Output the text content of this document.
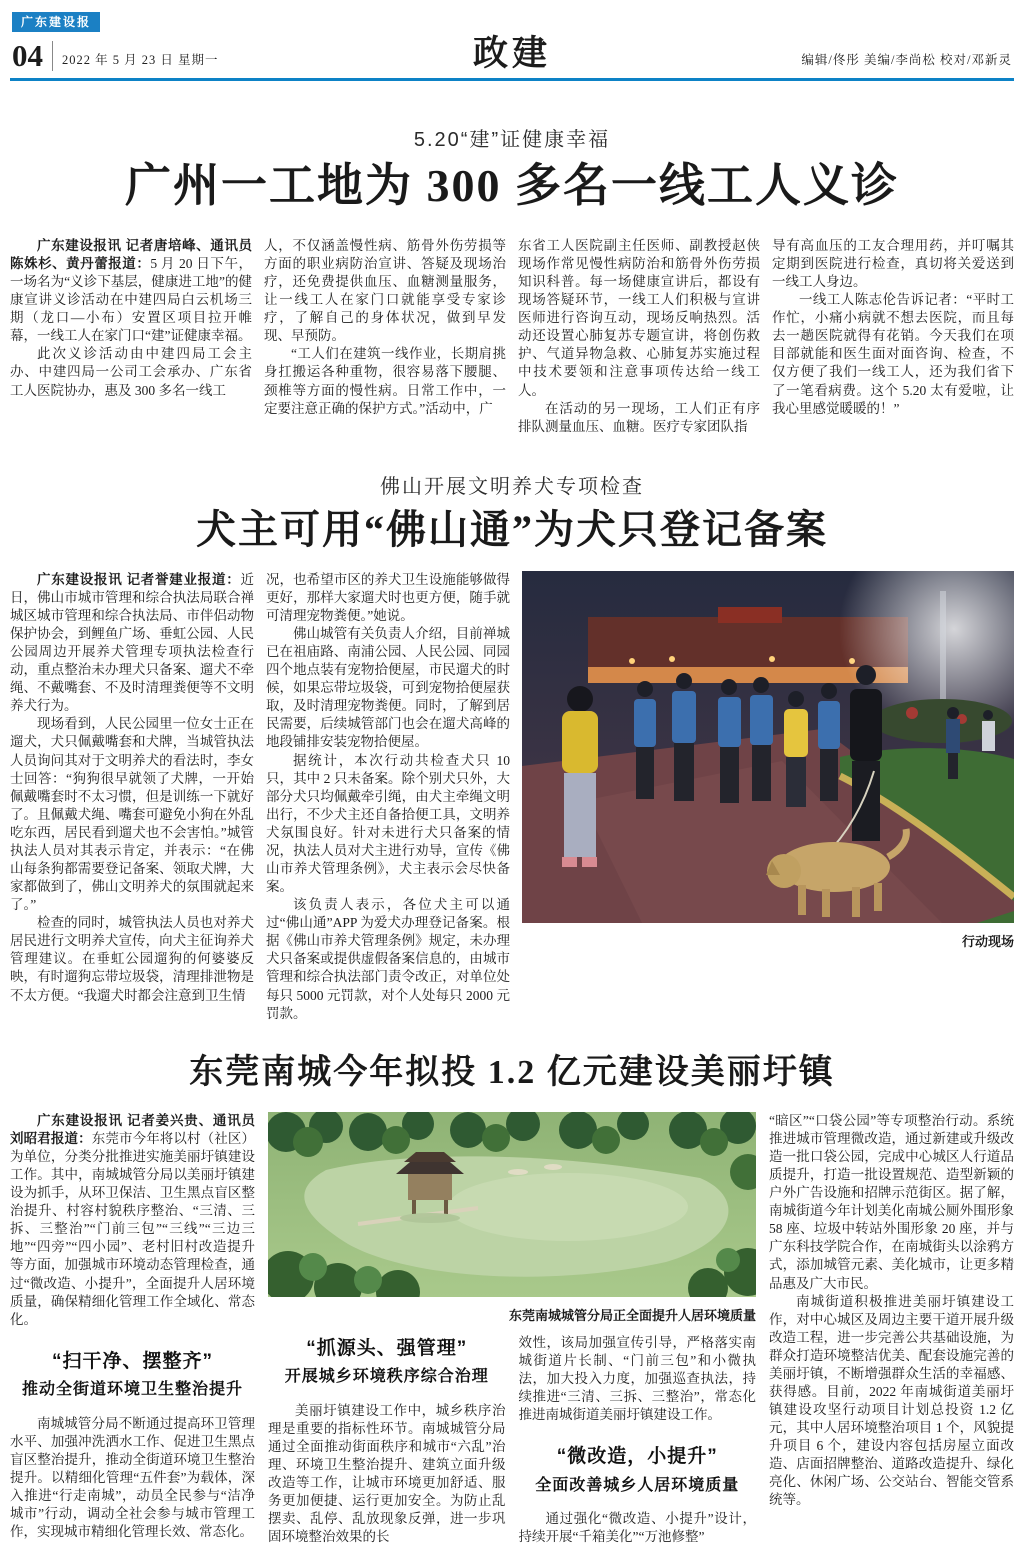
广东建设报
04 2022 年 5 月 23 日 星期一	政建	编辑/佟彤 美编/李尚松 校对/邓新灵
5.20“建”证健康幸福
广州一工地为 300 多名一线工人义诊

广东建设报讯 记者唐培峰、通讯员陈姝杉、黄丹蕾报道：5 月 20 日下午，一场名为“义诊下基层，健康进工地”的健康宣讲义诊活动在中建四局白云机场三期（龙口—小布）安置区项目拉开帷幕，一线工人在家门口“建”证健康幸福。

此次义诊活动由中建四局工会主办、中建四局一公司工会承办、广东省工人医院协办，惠及 300 多名一线工

人，不仅涵盖慢性病、筋骨外伤劳损等方面的职业病防治宣讲、答疑及现场治疗，还免费提供血压、血糖测量服务，让一线工人在家门口就能享受专家诊疗，了解自己的身体状况，做到早发现、早预防。

“工人们在建筑一线作业，长期肩挑身扛搬运各种重物，很容易落下腰腿、颈椎等方面的慢性病。日常工作中，一定要注意正确的保护方式。”活动中，广

东省工人医院副主任医师、副教授赵侠现场作常见慢性病防治和筋骨外伤劳损知识科普。每一场健康宣讲后，都设有现场答疑环节，一线工人们积极与宣讲医师进行咨询互动，现场反响热烈。活动还设置心肺复苏专题宣讲，将创伤救护、气道异物急救、心肺复苏实施过程中技术要领和注意事项传达给一线工人。

在活动的另一现场，工人们正有序排队测量血压、血糖。医疗专家团队指

导有高血压的工友合理用药，并叮嘱其定期到医院进行检查，真切将关爱送到一线工人身边。

一线工人陈志伦告诉记者：“平时工作忙，小痛小病就不想去医院，而且每去一趟医院就得有花销。今天我们在项目部就能和医生面对面咨询、检查，不仅方便了我们一线工人，还为我们省下了一笔看病费。这个 5.20 太有爱啦，让我心里感觉暖暖的！”

佛山开展文明养犬专项检查
犬主可用“佛山通”为犬只登记备案

广东建设报讯 记者誉建业报道：近日，佛山市城市管理和综合执法局联合禅城区城市管理和综合执法局、市伴侣动物保护协会，到鲤鱼广场、垂虹公园、人民公园周边开展养犬管理专项执法检查行动，重点整治未办理犬只备案、遛犬不牵绳、不戴嘴套、不及时清理粪便等不文明养犬行为。

现场看到，人民公园里一位女士正在遛犬，犬只佩戴嘴套和犬牌，当城管执法人员询问其对于文明养犬的看法时，李女士回答：“狗狗很早就领了犬牌，一开始佩戴嘴套时不太习惯，但是训练一下就好了。且佩戴犬绳、嘴套可避免小狗在外乱吃东西，居民看到遛犬也不会害怕。”城管执法人员对其表示肯定，并表示：“在佛山每条狗都需要登记备案、领取犬牌，大家都做到了，佛山文明养犬的氛围就起来了。”

检查的同时，城管执法人员也对养犬居民进行文明养犬宣传，向犬主征询养犬管理建议。在垂虹公园遛狗的何婆婆反映，有时遛狗忘带垃圾袋，清理排泄物是不太方便。“我遛犬时都会注意到卫生情

况，也希望市区的养犬卫生设施能够做得更好，那样大家遛犬时也更方便，随手就可清理宠物粪便。”她说。

佛山城管有关负责人介绍，目前禅城已在祖庙路、南浦公园、人民公园、同园四个地点装有宠物拾便屋，市民遛犬的时候，如果忘带垃圾袋，可到宠物拾便屋获取，及时清理宠物粪便。同时，了解到居民需要，后续城管部门也会在遛犬高峰的地段铺排安装宠物拾便屋。

据统计，本次行动共检查犬只 10 只，其中 2 只未备案。除个别犬只外，大部分犬只均佩戴牵引绳，由犬主牵绳文明出行，不少犬主还自备拾便工具，文明养犬氛围良好。针对未进行犬只备案的情况，执法人员对犬主进行劝导，宣传《佛山市养犬管理条例》，犬主表示会尽快备案。

该负责人表示，各位犬主可以通过“佛山通”APP 为爱犬办理登记备案。根据《佛山市养犬管理条例》规定，未办理犬只备案或提供虚假备案信息的，由城市管理和综合执法部门责令改正，对单位处每只 5000 元罚款，对个人处每只 2000 元罚款。

行动现场
东莞南城今年拟投 1.2 亿元建设美丽圩镇

广东建设报讯 记者姜兴贵、通讯员刘昭君报道：东莞市今年将以村（社区）为单位，分类分批推进实施美丽圩镇建设工作。其中，南城城管分局以美丽圩镇建设为抓手，从环卫保洁、卫生黑点盲区整治提升、村容村貌秩序整治、“三清、三拆、三整治”“门前三包”“三线”“三边三地”“四旁”“四小园”、老村旧村改造提升等方面，加强城市环境动态管理检查，通过“微改造、小提升”，全面提升人居环境质量，确保精细化管理工作全域化、常态化。

“扫干净、摆整齐”
推动全街道环境卫生整治提升

南城城管分局不断通过提高环卫管理水平、加强冲洗洒水工作、促进卫生黑点盲区整治提升，推动全街道环境卫生整治提升。以精细化管理“五件套”为载体，深入推进“行走南城”，动员全民参与“洁净城市”行动，调动全社会参与城市管理工作，实现城市精细化管理长效、常态化。

东莞南城城管分局正全面提升人居环境质量
“抓源头、强管理”
开展城乡环境秩序综合治理

美丽圩镇建设工作中，城乡秩序治理是重要的指标性环节。南城城管分局通过全面推动街面秩序和城市“六乱”治理、环境卫生整治提升、建筑立面升级改造等工作，让城市环境更加舒适、服务更加便捷、运行更加安全。为防止乱摆卖、乱停、乱放现象反弹，进一步巩固环境整治效果的长

效性，该局加强宣传引导，严格落实南城街道片长制、“门前三包”和小微执法，加大投入力度，加强巡查执法，持续推进“三清、三拆、三整治”，常态化推进南城街道美丽圩镇建设工作。

“微改造，小提升”
全面改善城乡人居环境质量

通过强化“微改造、小提升”设计，持续开展“千箱美化”“万池修整”

“暗区”“口袋公园”等专项整治行动。系统推进城市管理微改造，通过新建或升级改造一批口袋公园，完成中心城区人行道品质提升，打造一批设置规范、造型新颖的户外广告设施和招牌示范街区。据了解，南城街道今年计划美化南城公厕外围形象 58 座、垃圾中转站外围形象 20 座，并与广东科技学院合作，在南城街头以涂鸦方式，添加城管元素、美化城市，让更多精品惠及广大市民。

南城街道积极推进美丽圩镇建设工作，对中心城区及周边主要干道开展升级改造工程，进一步完善公共基础设施，为群众打造环境整洁优美、配套设施完善的美丽圩镇，不断增强群众生活的幸福感、获得感。目前，2022 年南城街道美丽圩镇建设攻坚行动项目计划总投资 1.2 亿元，其中人居环境整治项目 1 个，风貌提升项目 6 个，建设内容包括房屋立面改造、店面招牌整治、道路改造提升、绿化亮化、休闲广场、公交站台、智能交管系统等。
